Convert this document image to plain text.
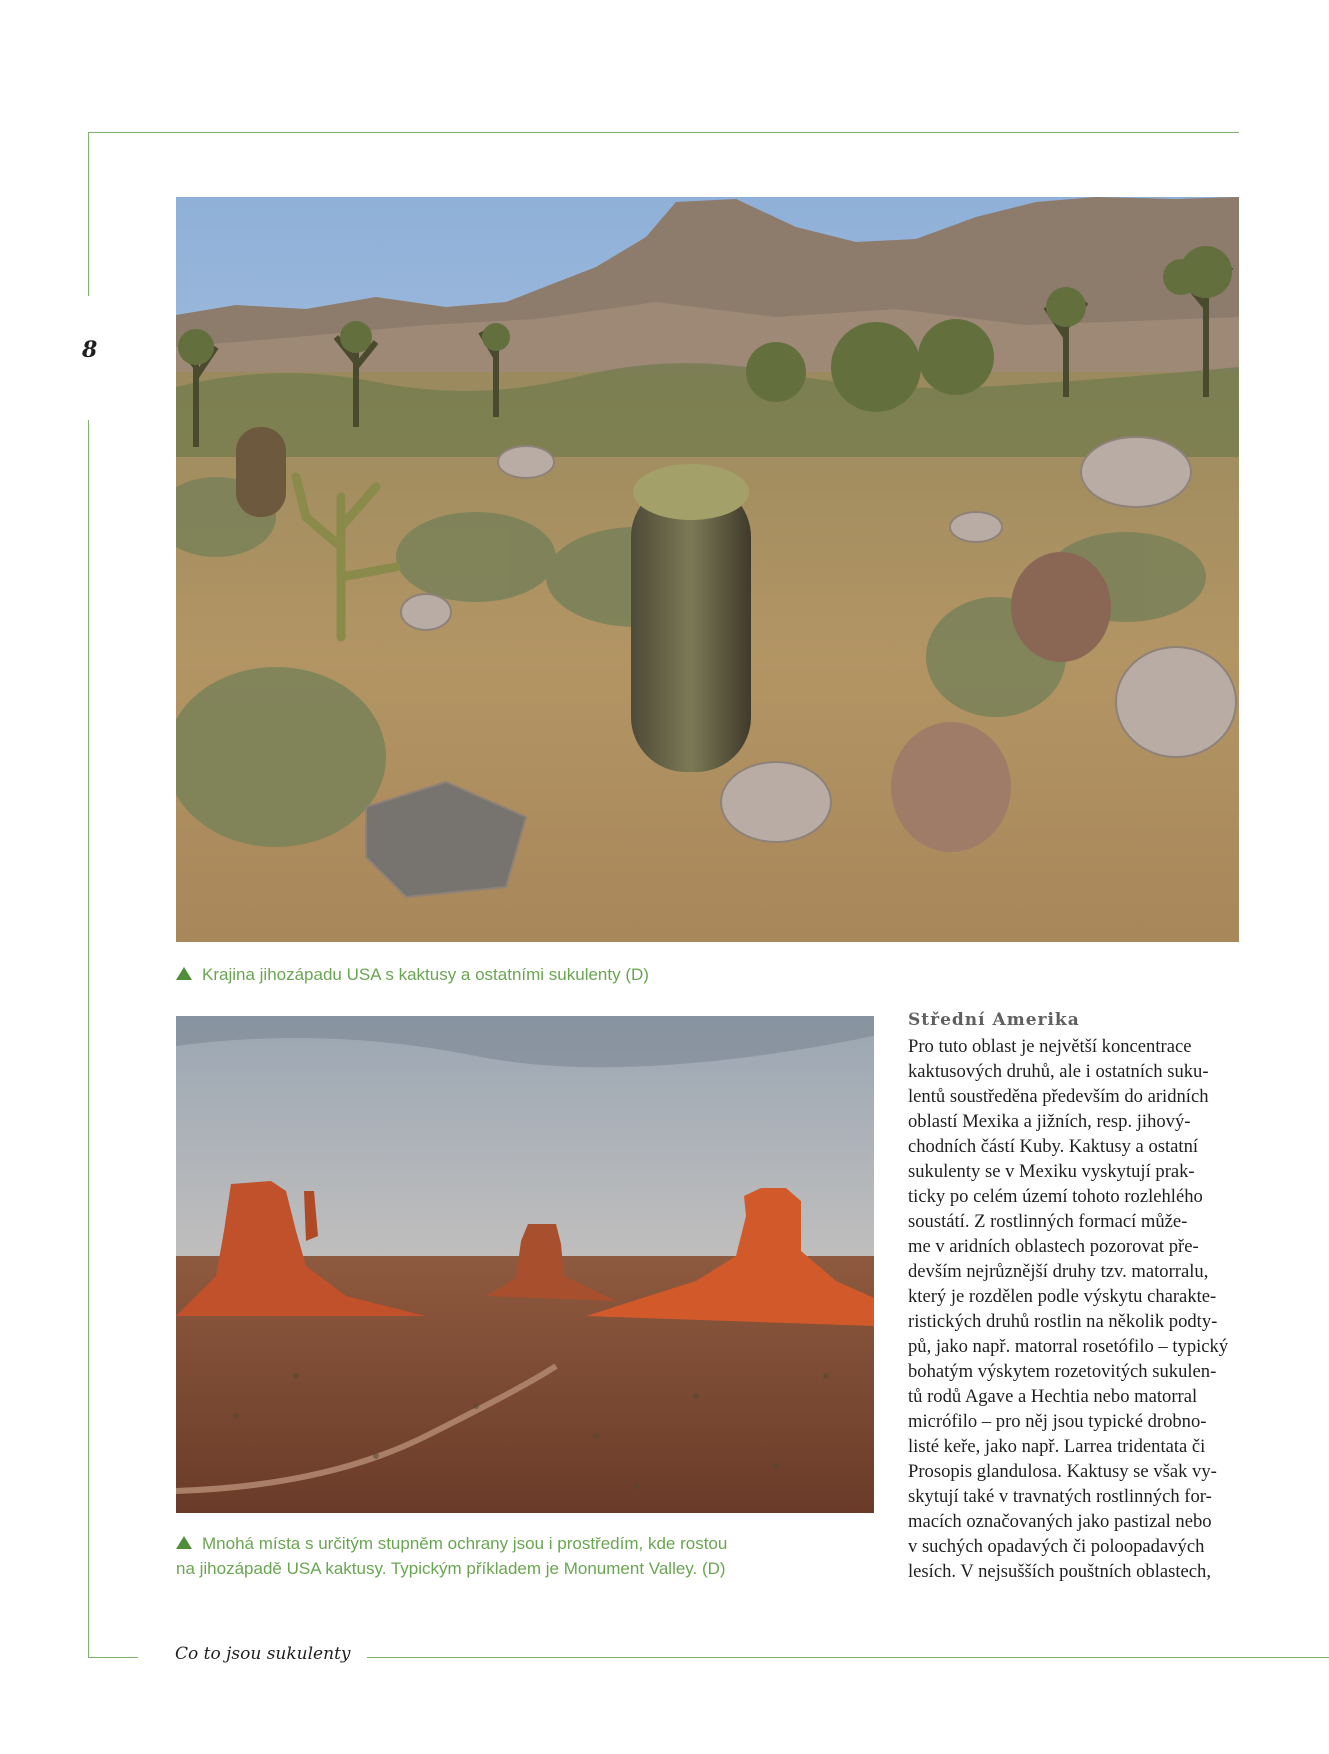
8
Krajina jihozápadu USA s kaktusy a ostatními sukulenty (D)
Mnohá místa s určitým stupněm ochrany jsou i prostředím, kde rostou
na jihozápadě USA kaktusy. Typickým příkladem je Monument Valley. (D)
Střední Amerika
Pro tuto oblast je největší koncentrace
kaktusových druhů, ale i ostatních suku-
lentů soustředěna především do aridních
oblastí Mexika a jižních, resp. jihový-
chodních částí Kuby. Kaktusy a ostatní
sukulenty se v Mexiku vyskytují prak-
ticky po celém území tohoto rozlehlého
soustátí. Z rostlinných formací může-
me v aridních oblastech pozorovat pře-
devším nejrůznější druhy tzv. matorralu,
který je rozdělen podle výskytu charakte-
ristických druhů rostlin na několik podty-
pů, jako např. matorral rosetófilo – typický
bohatým výskytem rozetovitých sukulen-
tů rodů Agave a Hechtia nebo matorral
micrófilo – pro něj jsou typické drobno-
listé keře, jako např. Larrea tridentata či
Prosopis glandulosa. Kaktusy se však vy-
skytují také v travnatých rostlinných for-
macích označovaných jako pastizal nebo
v suchých opadavých či poloopadavých
lesích. V nejsušších pouštních oblastech,
Co to jsou sukulenty
